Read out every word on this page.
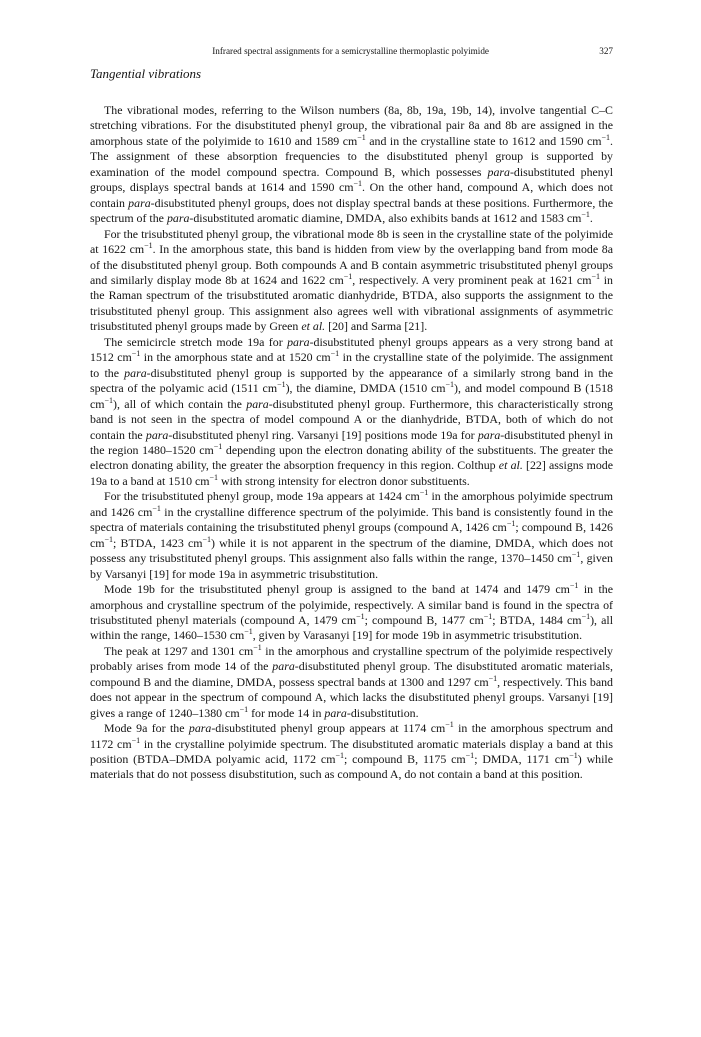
Infrared spectral assignments for a semicrystalline thermoplastic polyimide	327
Tangential vibrations

The vibrational modes, referring to the Wilson numbers (8a, 8b, 19a, 19b, 14), involve tangential C–C stretching vibrations. For the disubstituted phenyl group, the vibrational pair 8a and 8b are assigned in the amorphous state of the polyimide to 1610 and 1589 $cm^{-1}$ and in the crystalline state to 1612 and 1590 $cm^{-1}$. The assignment of these absorption frequencies to the disubstituted phenyl group is supported by examination of the model compound spectra. Compound B, which possesses para-disubstituted phenyl groups, displays spectral bands at 1614 and 1590 $cm^{-1}$. On the other hand, compound A, which does not contain para-disubstituted phenyl groups, does not display spectral bands at these positions. Furthermore, the spectrum of the para-disubstituted aromatic diamine, DMDA, also exhibits bands at 1612 and 1583 $cm^{-1}$.

For the trisubstituted phenyl group, the vibrational mode 8b is seen in the crystalline state of the polyimide at 1622 $cm^{-1}$. In the amorphous state, this band is hidden from view by the overlapping band from mode 8a of the disubstituted phenyl group. Both compounds A and B contain asymmetric trisubstituted phenyl groups and similarly display mode 8b at 1624 and 1622 $cm^{-1}$, respectively. A very prominent peak at 1621 $cm^{-1}$ in the Raman spectrum of the trisubstituted aromatic dianhydride, BTDA, also supports the assignment to the trisubstituted phenyl group. This assignment also agrees well with vibrational assignments of asymmetric trisubstituted phenyl groups made by Green et al. [20] and Sarma [21].

The semicircle stretch mode 19a for para-disubstituted phenyl groups appears as a very strong band at 1512 $cm^{-1}$ in the amorphous state and at 1520 $cm^{-1}$ in the crystalline state of the polyimide. The assignment to the para-disubstituted phenyl group is supported by the appearance of a similarly strong band in the spectra of the polyamic acid (1511 $cm^{-1}$), the diamine, DMDA (1510 $cm^{-1}$), and model compound B (1518 $cm^{-1}$), all of which contain the para-disubstituted phenyl group. Furthermore, this characteristically strong band is not seen in the spectra of model compound A or the dianhydride, BTDA, both of which do not contain the para-disubstituted phenyl ring. Varsanyi [19] positions mode 19a for para-disubstituted phenyl in the region 1480–1520 $cm^{-1}$ depending upon the electron donating ability of the substituents. The greater the electron donating ability, the greater the absorption frequency in this region. Colthup et al. [22] assigns mode 19a to a band at 1510 $cm^{-1}$ with strong intensity for electron donor substituents.

For the trisubstituted phenyl group, mode 19a appears at 1424 $cm^{-1}$ in the amorphous polyimide spectrum and 1426 $cm^{-1}$ in the crystalline difference spectrum of the polyimide. This band is consistently found in the spectra of materials containing the trisubstituted phenyl groups (compound A, 1426 $cm^{-1}$; compound B, 1426 $cm^{-1}$; BTDA, 1423 $cm^{-1}$) while it is not apparent in the spectrum of the diamine, DMDA, which does not possess any trisubstituted phenyl groups. This assignment also falls within the range, 1370–1450 $cm^{-1}$, given by Varsanyi [19] for mode 19a in asymmetric trisubstitution.

Mode 19b for the trisubstituted phenyl group is assigned to the band at 1474 and 1479 $cm^{-1}$ in the amorphous and crystalline spectrum of the polyimide, respectively. A similar band is found in the spectra of trisubstituted phenyl materials (compound A, 1479 $cm^{-1}$; compound B, 1477 $cm^{-1}$; BTDA, 1484 $cm^{-1}$), all within the range, 1460–1530 $cm^{-1}$, given by Varasanyi [19] for mode 19b in asymmetric trisubstitution.

The peak at 1297 and 1301 $cm^{-1}$ in the amorphous and crystalline spectrum of the polyimide respectively probably arises from mode 14 of the para-disubstituted phenyl group. The disubstituted aromatic materials, compound B and the diamine, DMDA, possess spectral bands at 1300 and 1297 $cm^{-1}$, respectively. This band does not appear in the spectrum of compound A, which lacks the disubstituted phenyl groups. Varsanyi [19] gives a range of 1240–1380 $cm^{-1}$ for mode 14 in para-disubstitution.

Mode 9a for the para-disubstituted phenyl group appears at 1174 $cm^{-1}$ in the amorphous spectrum and 1172 $cm^{-1}$ in the crystalline polyimide spectrum. The disubstituted aromatic materials display a band at this position (BTDA–DMDA polyamic acid, 1172 $cm^{-1}$; compound B, 1175 $cm^{-1}$; DMDA, 1171 $cm^{-1}$) while materials that do not possess disubstitution, such as compound A, do not contain a band at this position.
